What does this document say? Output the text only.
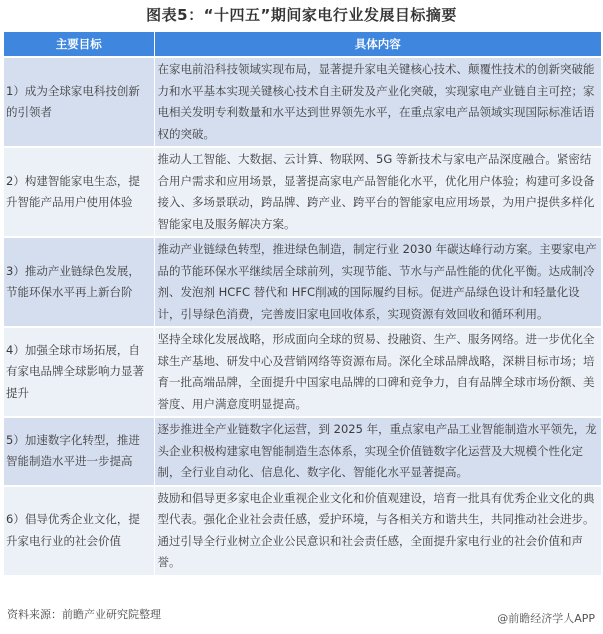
图表5：“十四五”期间家电行业发展目标摘要
主要目标	具体内容
1）成为全球家电科技创新的引领者	在家电前沿科技领域实现布局，显著提升家电关键核心技术、颠覆性技术的创新突破能力和水平基本实现关键核心技术自主研发及产业化突破，实现家电产业链自主可控；家电相关发明专利数量和水平达到世界领先水平，在重点家电产品领域实现国际标准话语权的突破。
2）构建智能家电生态，提升智能产品用户使用体验	推动人工智能、大数据、云计算、物联网、5G 等新技术与家电产品深度融合。紧密结合用户需求和应用场景，显著提高家电产品智能化水平，优化用户体验；构建可多设备接入、多场景联动，跨品牌、跨产业、跨平台的智能家电应用场景，为用户提供多样化智能家电及服务解决方案。
3）推动产业链绿色发展，节能环保水平再上新台阶	推动产业链绿色转型，推进绿色制造，制定行业 2030 年碳达峰行动方案。主要家电产品的节能环保水平继续居全球前列，实现节能、节水与产品性能的优化平衡。达成制冷剂、发泡剂 HCFC 替代和 HFC削减的国际履约目标。促进产品绿色设计和轻量化设计，引导绿色消费，完善废旧家电回收体系，实现资源有效回收和循环利用。
4）加强全球市场拓展，自有家电品牌全球影响力显著提升	坚持全球化发展战略，形成面向全球的贸易、投融资、生产、服务网络。进一步优化全球生产基地、研发中心及营销网络等资源布局。深化全球品牌战略，深耕目标市场；培育一批高端品牌，全面提升中国家电品牌的口碑和竞争力，自有品牌全球市场份额、美誉度、用户满意度明显提高。
5）加速数字化转型，推进智能制造水平进一步提高	逐步推进全产业链数字化运营，到 2025 年，重点家电产品工业智能制造水平领先，龙头企业积极构建家电智能制造生态体系，实现全价值链数字化运营及大规模个性化定制，全行业自动化、信息化、数字化、智能化水平显著提高。
6）倡导优秀企业文化，提升家电行业的社会价值	鼓励和倡导更多家电企业重视企业文化和价值观建设，培育一批具有优秀企业文化的典型代表。强化企业社会责任感，爱护环境，与各相关方和谐共生，共同推动社会进步。通过引导全行业树立企业公民意识和社会责任感，全面提升家电行业的社会价值和声誉。
资料来源：前瞻产业研究院整理	@前瞻经济学人APP
